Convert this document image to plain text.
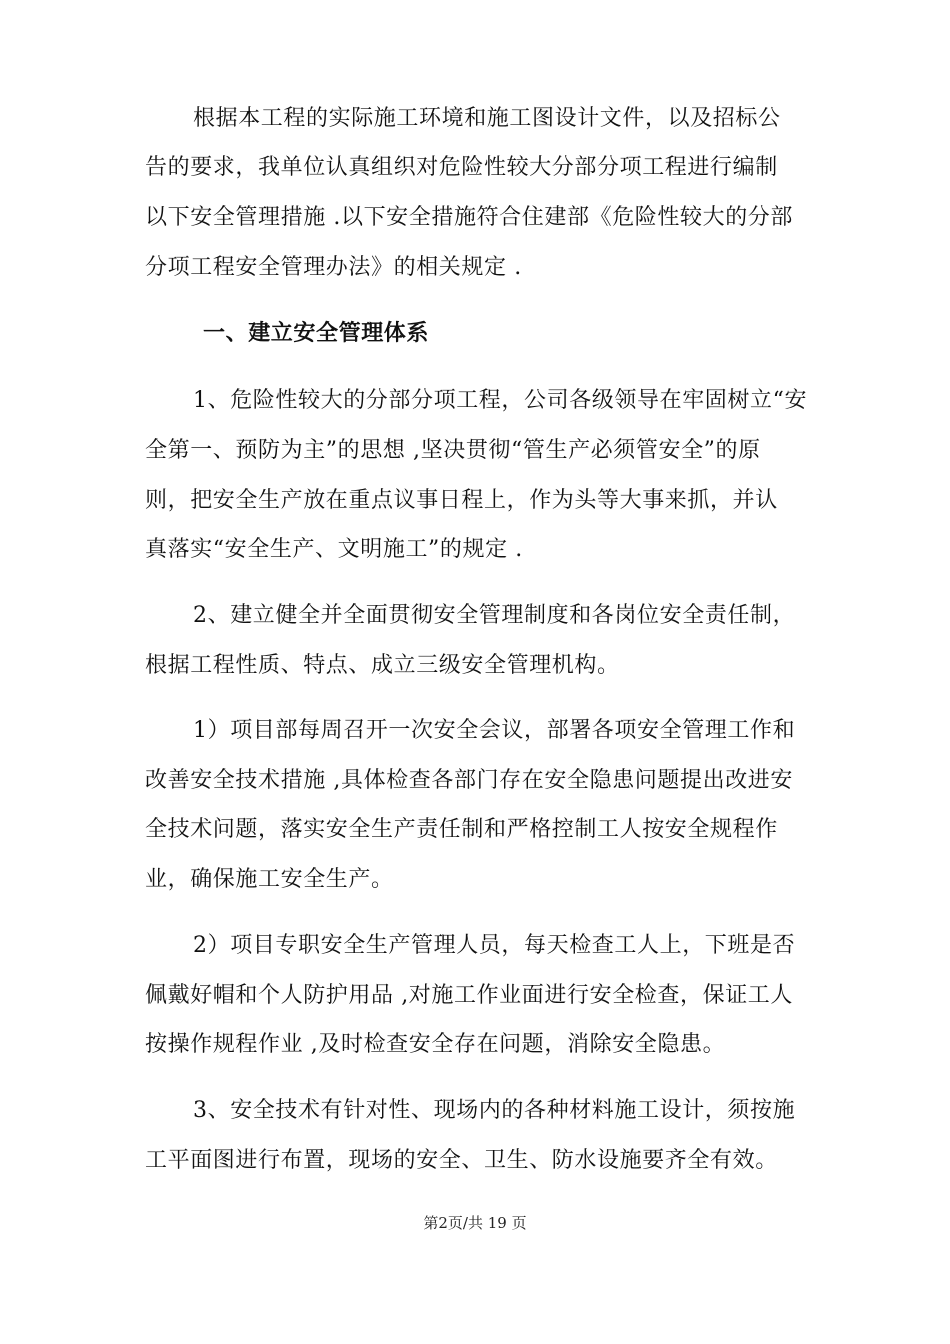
根据本工程的实际施工环境和施工图设计文件，以及招标公
告的要求，我单位认真组织对危险性较大分部分项工程进行编制
以下安全管理措施 .以下安全措施符合住建部《危险性较大的分部
分项工程安全管理办法》的相关规定 .
一、建立安全管理体系
1、危险性较大的分部分项工程，公司各级领导在牢固树立“安
全第一、预防为主”的思想 ,坚决贯彻“管生产必须管安全”的原
则，把安全生产放在重点议事日程上，作为头等大事来抓，并认
真落实“安全生产、文明施工”的规定 .
2、建立健全并全面贯彻安全管理制度和各岗位安全责任制，
根据工程性质、特点、成立三级安全管理机构。
1）项目部每周召开一次安全会议，部署各项安全管理工作和
改善安全技术措施 ,具体检查各部门存在安全隐患问题提出改进安
全技术问题，落实安全生产责任制和严格控制工人按安全规程作
业，确保施工安全生产。
2）项目专职安全生产管理人员，每天检查工人上，下班是否
佩戴好帽和个人防护用品 ,对施工作业面进行安全检查，保证工人
按操作规程作业 ,及时检查安全存在问题，消除安全隐患。
3、安全技术有针对性、现场内的各种材料施工设计，须按施
工平面图进行布置，现场的安全、卫生、防水设施要齐全有效。
第2页/共 19 页
